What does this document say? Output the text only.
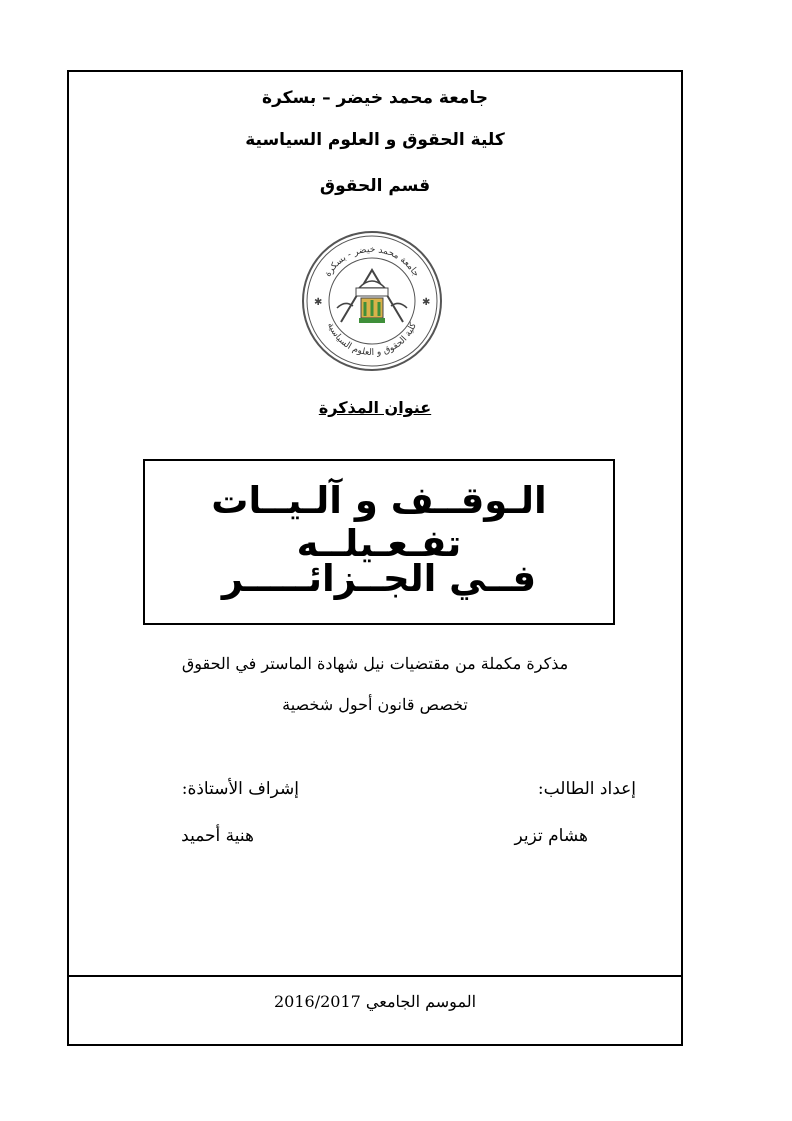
جامعة محمد خيضر – بسكرة
كلية الحقوق و العلوم السياسية
قسم الحقوق
جامعة محمد خيضر - بسكرة
كلية الحقوق و العلوم السياسية
✱	✱
عنوان المذكرة
الـوقــف و آلـيــات تفـعـيلــه
فــي الجــزائـــــر
مذكرة مكملة من مقتضيات نيل شهادة الماستر في الحقوق
تخصص قانون أحول شخصية
إعداد الطالب:
إشراف الأستاذة:
هشام تزير
هنية أحميد
الموسم الجامعي 2016/2017
